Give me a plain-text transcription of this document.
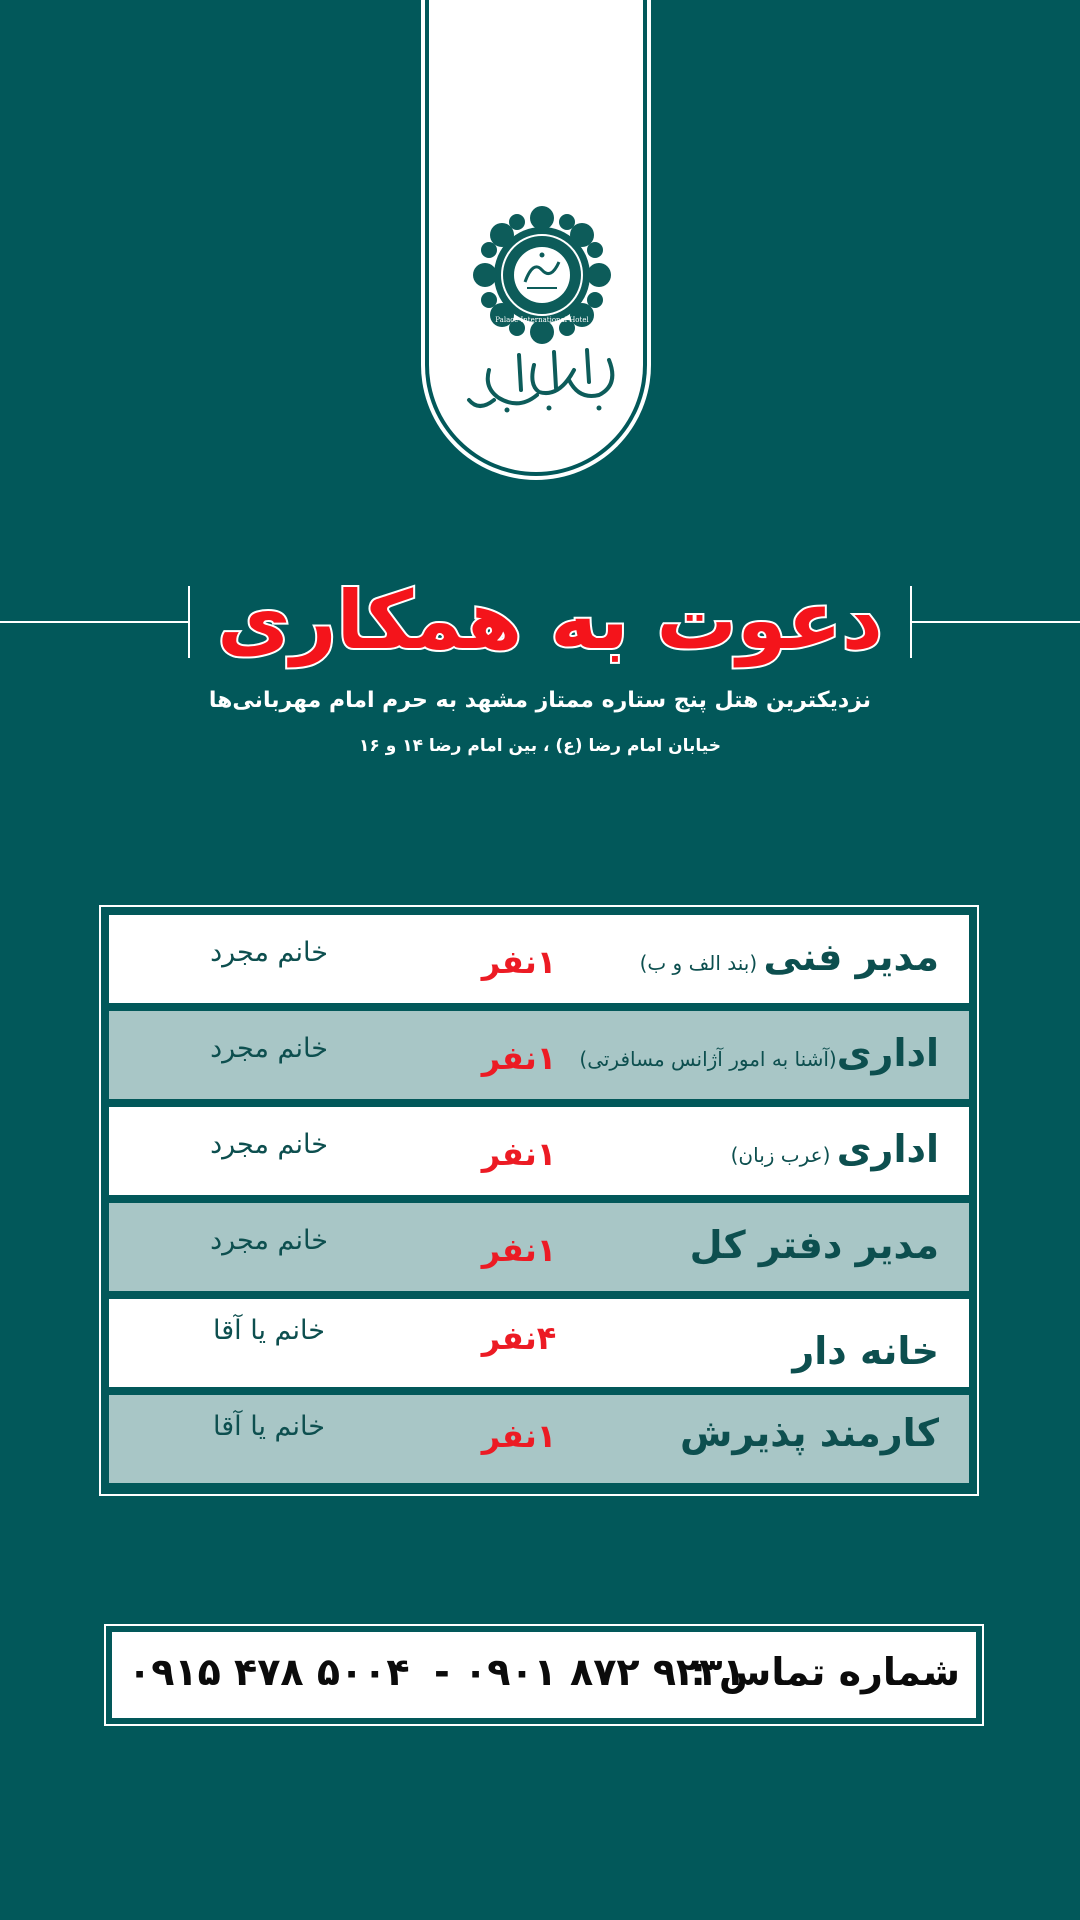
Palace International Hotel
دعوت به همکاری
نزدیکترین هتل پنج ستاره ممتاز مشهد به حرم امام مهربانی‌ها
خیابان امام رضا (ع) ، بین امام رضا ۱۴ و ۱۶
مدیر فنی (بند الف و ب)
۱نفر
خانم مجرد
اداری(آشنا به امور آژانس مسافرتی)
۱نفر
خانم مجرد
اداری (عرب زبان)
۱نفر
خانم مجرد
مدیر دفتر کل
۱نفر
خانم مجرد
خانه دار
۴نفر
خانم یا آقا
کارمند پذیرش
۱نفر
خانم یا آقا
شماره تماس :
۰۹۰۱ ۸۷۲ ۹۲۳۱
-
۰۹۱۵ ۴۷۸ ۵۰۰۴
